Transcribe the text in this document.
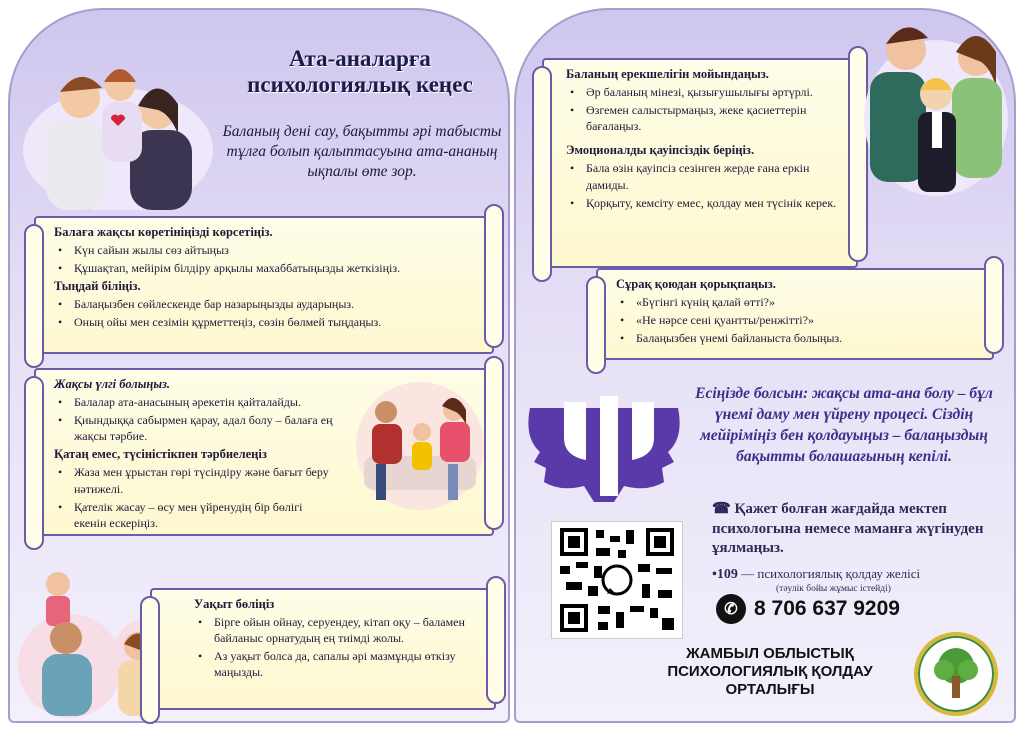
Ата-аналарға
психологиялық кеңес
Баланың дені сау, бақытты әрі табысты тұлға болып қалыптасуына ата-ананың ықпалы өте зор.
Балаға жақсы көретініңізді көрсетіңіз.
• Күн сайын жылы сөз айтыңыз
• Құшақтап, мейірім білдіру арқылы махаббатыңызды жеткізіңіз.
Тыңдай біліңіз.
• Балаңызбен сөйлескенде бар назарыңызды аударыңыз.
• Оның ойы мен сезімін құрметтеңіз, сөзін бөлмей тыңдаңыз.
Жақсы үлгі болыңыз.
• Балалар ата-анасының әрекетін қайталайды.
• Қиындыққа сабырмен қарау, адал болу – балаға ең жақсы тәрбие.
Қатаң емес, түсіністікпен тәрбиелеңіз
• Жаза мен ұрыстан гөрі түсіндіру және бағыт беру нәтижелі.
• Қателік жасау – өсу мен үйренудің бір бөлігі екенін ескеріңіз.
Уақыт бөліңіз
• Бірге ойын ойнау, серуендеу, кітап оқу – баламен байланыс орнатудың ең тиімді жолы.
• Аз уақыт болса да, сапалы әрі мазмұнды өткізу маңызды.
Баланың ерекшелігін мойындаңыз.
• Әр баланың мінезі, қызығушылығы әртүрлі.
• Өзгемен салыстырмаңыз, жеке қасиеттерін бағалаңыз.
Эмоционалды қауіпсіздік беріңіз.
• Бала өзін қауіпсіз сезінген жерде ғана еркін дамиды.
• Қорқыту, кемсіту емес, қолдау мен түсінік керек.
Сұрақ қоюдан қорықпаңыз.
• «Бүгінгі күнің қалай өтті?»
• «Не нәрсе сені қуантты/ренжітті?»
• Балаңызбен үнемі байланыста болыңыз.
Есіңізде болсын: жақсы ата-ана болу – бұл үнемі даму мен үйрену процесі. Сіздің мейіріміңіз бен қолдауыңыз – балаңыздың бақытты болашағының кепілі.
☎ Қажет болған жағдайда мектеп психологына немесе маманға жүгінуден ұялмаңыз.
•109 — психологиялық қолдау желісі
(тәулік бойы жұмыс істейді)
✆ 8 706 637 9209
ЖАМБЫЛ ОБЛЫСТЫҚ ПСИХОЛОГИЯЛЫҚ ҚОЛДАУ ОРТАЛЫҒЫ
